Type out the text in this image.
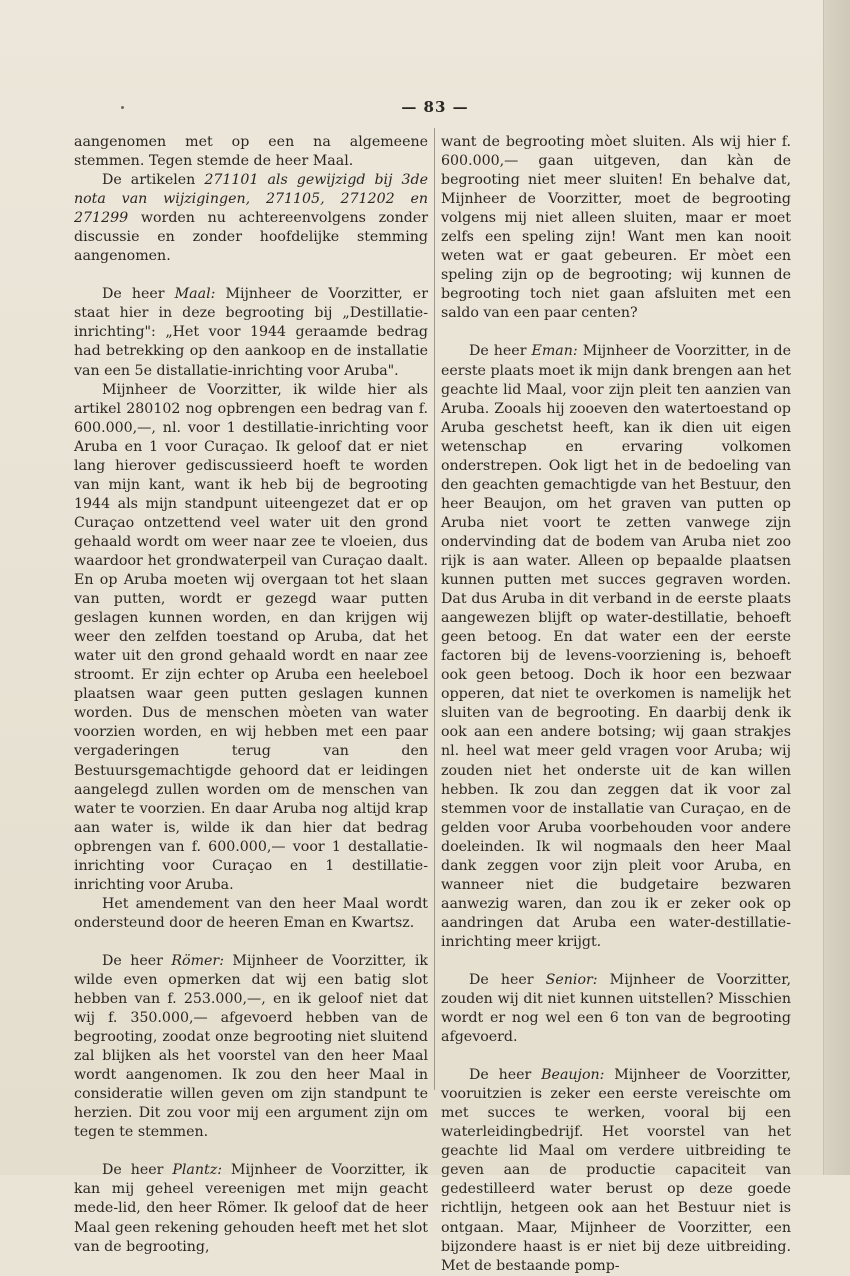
— 83 —

aangenomen met op een na algemeene stemmen. Tegen stemde de heer Maal.

De artikelen 271101 als gewijzigd bij 3de nota van wijzigingen, 271105, 271202 en 271299 worden nu achtereenvolgens zonder discussie en zonder hoofdelijke stemming aangenomen.

De heer Maal: Mijnheer de Voorzitter, er staat hier in deze begrooting bij „Destillatie-inrichting": „Het voor 1944 geraamde bedrag had betrekking op den aankoop en de installatie van een 5e distallatie-inrichting voor Aruba".

Mijnheer de Voorzitter, ik wilde hier als artikel 280102 nog opbrengen een bedrag van f. 600.000,—, nl. voor 1 destillatie-inrichting voor Aruba en 1 voor Curaçao. Ik geloof dat er niet lang hierover gediscussieerd hoeft te worden van mijn kant, want ik heb bij de begrooting 1944 als mijn standpunt uiteengezet dat er op Curaçao ontzettend veel water uit den grond gehaald wordt om weer naar zee te vloeien, dus waardoor het grondwaterpeil van Curaçao daalt. En op Aruba moeten wij overgaan tot het slaan van putten, wordt er gezegd waar putten geslagen kunnen worden, en dan krijgen wij weer den zelfden toestand op Aruba, dat het water uit den grond gehaald wordt en naar zee stroomt. Er zijn echter op Aruba een heeleboel plaatsen waar geen putten geslagen kunnen worden. Dus de menschen mòeten van water voorzien worden, en wij hebben met een paar vergaderingen terug van den Bestuursgemachtigde gehoord dat er leidingen aangelegd zullen worden om de menschen van water te voorzien. En daar Aruba nog altijd krap aan water is, wilde ik dan hier dat bedrag opbrengen van f. 600.000,— voor 1 destallatie-inrichting voor Curaçao en 1 destillatie-inrichting voor Aruba.

Het amendement van den heer Maal wordt ondersteund door de heeren Eman en Kwartsz.

De heer Römer: Mijnheer de Voorzitter, ik wilde even opmerken dat wij een batig slot hebben van f. 253.000,—, en ik geloof niet dat wij f. 350.000,— afgevoerd hebben van de begrooting, zoodat onze begrooting niet sluitend zal blijken als het voorstel van den heer Maal wordt aangenomen. Ik zou den heer Maal in consideratie willen geven om zijn standpunt te herzien. Dit zou voor mij een argument zijn om tegen te stemmen.

De heer Plantz: Mijnheer de Voorzitter, ik kan mij geheel vereenigen met mijn geacht mede-lid, den heer Römer. Ik geloof dat de heer Maal geen rekening gehouden heeft met het slot van de begrooting,

want de begrooting mòet sluiten. Als wij hier f. 600.000,— gaan uitgeven, dan kàn de begrooting niet meer sluiten! En behalve dat, Mijnheer de Voorzitter, moet de begrooting volgens mij niet alleen sluiten, maar er moet zelfs een speling zijn! Want men kan nooit weten wat er gaat gebeuren. Er mòet een speling zijn op de begrooting; wij kunnen de begrooting toch niet gaan afsluiten met een saldo van een paar centen?

De heer Eman: Mijnheer de Voorzitter, in de eerste plaats moet ik mijn dank brengen aan het geachte lid Maal, voor zijn pleit ten aanzien van Aruba. Zooals hij zooeven den watertoestand op Aruba geschetst heeft, kan ik dien uit eigen wetenschap en ervaring volkomen onderstrepen. Ook ligt het in de bedoeling van den geachten gemachtigde van het Bestuur, den heer Beaujon, om het graven van putten op Aruba niet voort te zetten vanwege zijn ondervinding dat de bodem van Aruba niet zoo rijk is aan water. Alleen op bepaalde plaatsen kunnen putten met succes gegraven worden. Dat dus Aruba in dit verband in de eerste plaats aangewezen blijft op water-destillatie, behoeft geen betoog. En dat water een der eerste factoren bij de levens-voorziening is, behoeft ook geen betoog. Doch ik hoor een bezwaar opperen, dat niet te overkomen is namelijk het sluiten van de begrooting. En daarbij denk ik ook aan een andere botsing; wij gaan strakjes nl. heel wat meer geld vragen voor Aruba; wij zouden niet het onderste uit de kan willen hebben. Ik zou dan zeggen dat ik voor zal stemmen voor de installatie van Curaçao, en de gelden voor Aruba voorbehouden voor andere doeleinden. Ik wil nogmaals den heer Maal dank zeggen voor zijn pleit voor Aruba, en wanneer niet die budgetaire bezwaren aanwezig waren, dan zou ik er zeker ook op aandringen dat Aruba een water-destillatie-inrichting meer krijgt.

De heer Senior: Mijnheer de Voorzitter, zouden wij dit niet kunnen uitstellen? Misschien wordt er nog wel een 6 ton van de begrooting afgevoerd.

De heer Beaujon: Mijnheer de Voorzitter, vooruitzien is zeker een eerste vereischte om met succes te werken, vooral bij een waterleidingbedrijf. Het voorstel van het geachte lid Maal om verdere uitbreiding te geven aan de productie capaciteit van gedestilleerd water berust op deze goede richtlijn, hetgeen ook aan het Bestuur niet is ontgaan. Maar, Mijnheer de Voorzitter, een bijzondere haast is er niet bij deze uitbreiding. Met de bestaande pomp-
